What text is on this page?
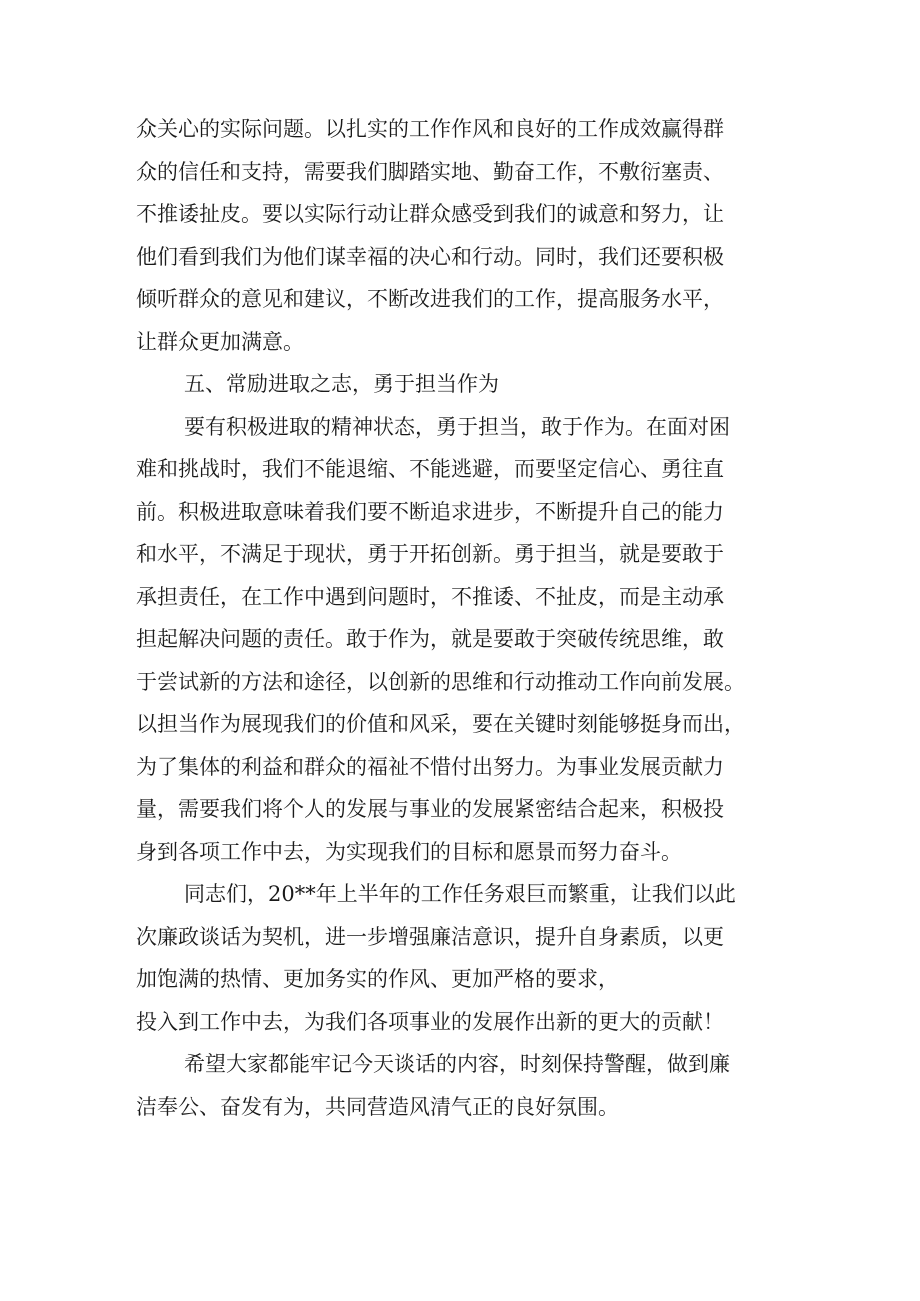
众关心的实际问题。以扎实的工作作风和良好的工作成效赢得群
众的信任和支持，需要我们脚踏实地、勤奋工作，不敷衍塞责、
不推诿扯皮。要以实际行动让群众感受到我们的诚意和努力，让
他们看到我们为他们谋幸福的决心和行动。同时，我们还要积极
倾听群众的意见和建议，不断改进我们的工作，提高服务水平，
让群众更加满意。
五、常励进取之志，勇于担当作为
要有积极进取的精神状态，勇于担当，敢于作为。在面对困
难和挑战时，我们不能退缩、不能逃避，而要坚定信心、勇往直
前。积极进取意味着我们要不断追求进步，不断提升自己的能力
和水平，不满足于现状，勇于开拓创新。勇于担当，就是要敢于
承担责任，在工作中遇到问题时，不推诿、不扯皮，而是主动承
担起解决问题的责任。敢于作为，就是要敢于突破传统思维，敢
于尝试新的方法和途径，以创新的思维和行动推动工作向前发展。
以担当作为展现我们的价值和风采，要在关键时刻能够挺身而出，
为了集体的利益和群众的福祉不惜付出努力。为事业发展贡献力
量，需要我们将个人的发展与事业的发展紧密结合起来，积极投
身到各项工作中去，为实现我们的目标和愿景而努力奋斗。
同志们，20**年上半年的工作任务艰巨而繁重，让我们以此
次廉政谈话为契机，进一步增强廉洁意识，提升自身素质，以更
加饱满的热情、更加务实的作风、更加严格的要求，
投入到工作中去，为我们各项事业的发展作出新的更大的贡献！
希望大家都能牢记今天谈话的内容，时刻保持警醒，做到廉
洁奉公、奋发有为，共同营造风清气正的良好氛围。
